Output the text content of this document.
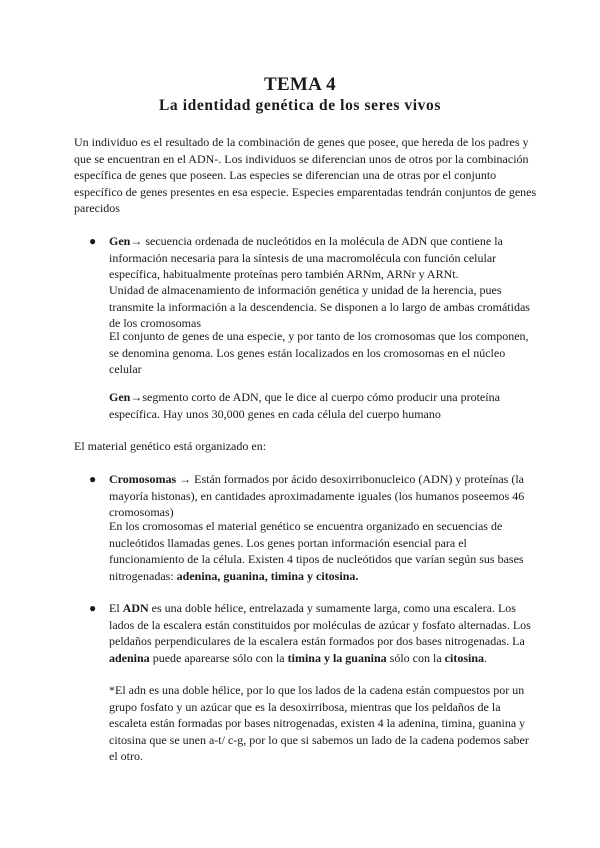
TEMA 4
La identidad genética de los seres vivos

Un individuo es el resultado de la combinación de genes que posee, que hereda de los padres y que se encuentran en el ADN-. Los individuos se diferencian unos de otros por la combinación específica de genes que poseen. Las especies se diferencian una de otras por el conjunto específico de genes presentes en esa especie. Especies emparentadas tendrán conjuntos de genes parecidos

● Gen→ secuencia ordenada de nucleótidos en la molécula de ADN que contiene la información necesaria para la síntesis de una macromolécula con función celular específica, habitualmente proteínas pero también ARNm, ARNr y ARNt.

Unidad de almacenamiento de información genética y unidad de la herencia, pues transmite la información a la descendencia. Se disponen a lo largo de ambas cromátidas de los cromosomas

El conjunto de genes de una especie, y por tanto de los cromosomas que los componen, se denomina genoma. Los genes están localizados en los cromosomas en el núcleo celular

Gen→segmento corto de ADN, que le dice al cuerpo cómo producir una proteína específica. Hay unos 30,000 genes en cada célula del cuerpo humano

El material genético está organizado en:

● Cromosomas → Están formados por ácido desoxirribonucleico (ADN) y proteínas (la mayoría histonas), en cantidades aproximadamente iguales (los humanos poseemos 46 cromosomas)

En los cromosomas el material genético se encuentra organizado en secuencias de nucleótidos llamadas genes. Los genes portan información esencial para el funcionamiento de la célula. Existen 4 tipos de nucleótidos que varían según sus bases nitrogenadas: adenina, guanina, timina y citosina.

● El ADN es una doble hélice, entrelazada y sumamente larga, como una escalera. Los lados de la escalera están constituidos por moléculas de azúcar y fosfato alternadas. Los peldaños perpendiculares de la escalera están formados por dos bases nitrogenadas. La adenina puede aparearse sólo con la timina y la guanina sólo con la citosina.

*El adn es una doble hélice, por lo que los lados de la cadena están compuestos por un grupo fosfato y un azúcar que es la desoxirribosa, mientras que los peldaños de la escaleta están formadas por bases nitrogenadas, existen 4 la adenina, timina, guanina y citosina que se unen a-t/ c-g, por lo que si sabemos un lado de la cadena podemos saber el otro.
